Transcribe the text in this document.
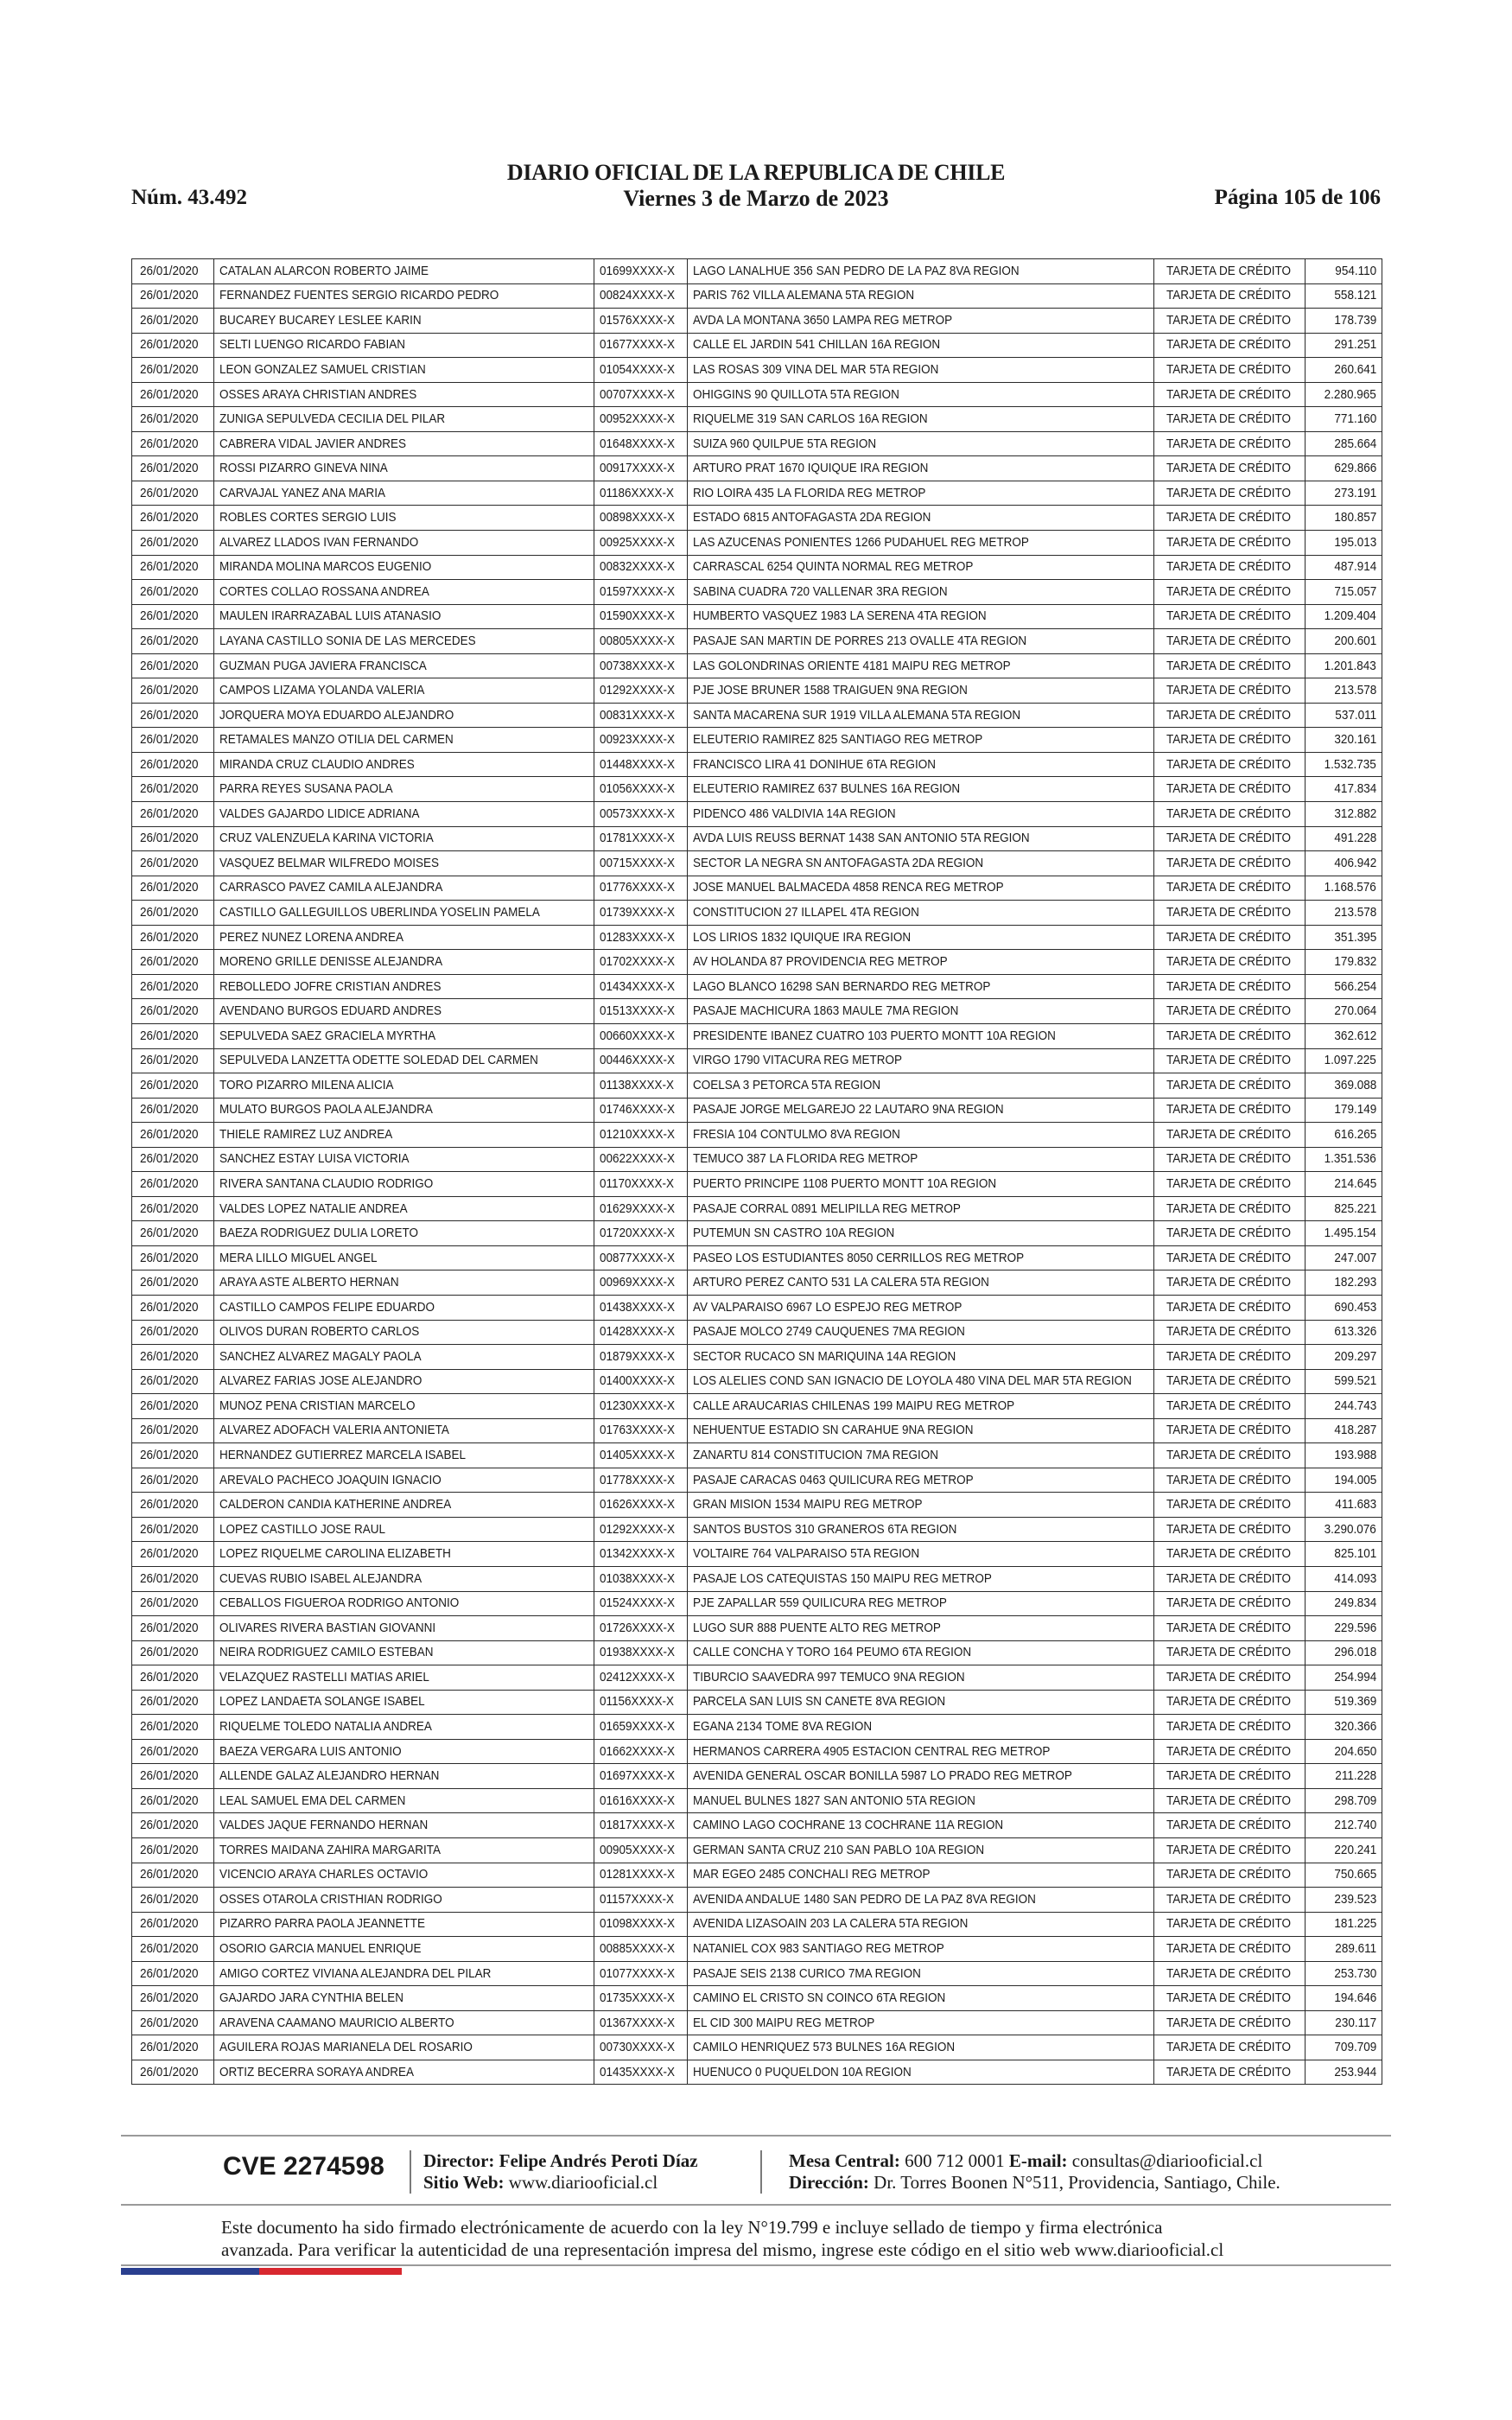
Núm. 43.492
DIARIO OFICIAL DE LA REPUBLICA DE CHILE
Viernes 3 de Marzo de 2023	Página 105 de 106
26/01/2020	CATALAN ALARCON ROBERTO JAIME	01699XXXX-X	LAGO LANALHUE 356 SAN PEDRO DE LA PAZ 8VA REGION	TARJETA DE CRÉDITO	954.110
26/01/2020	FERNANDEZ FUENTES SERGIO RICARDO PEDRO	00824XXXX-X	PARIS 762 VILLA ALEMANA 5TA REGION	TARJETA DE CRÉDITO	558.121
26/01/2020	BUCAREY BUCAREY LESLEE KARIN	01576XXXX-X	AVDA LA MONTANA 3650 LAMPA REG METROP	TARJETA DE CRÉDITO	178.739
26/01/2020	SELTI LUENGO RICARDO FABIAN	01677XXXX-X	CALLE EL JARDIN 541 CHILLAN 16A REGION	TARJETA DE CRÉDITO	291.251
26/01/2020	LEON GONZALEZ SAMUEL CRISTIAN	01054XXXX-X	LAS ROSAS 309 VINA DEL MAR 5TA REGION	TARJETA DE CRÉDITO	260.641
26/01/2020	OSSES ARAYA CHRISTIAN ANDRES	00707XXXX-X	OHIGGINS 90 QUILLOTA 5TA REGION	TARJETA DE CRÉDITO	2.280.965
26/01/2020	ZUNIGA SEPULVEDA CECILIA DEL PILAR	00952XXXX-X	RIQUELME 319 SAN CARLOS 16A REGION	TARJETA DE CRÉDITO	771.160
26/01/2020	CABRERA VIDAL JAVIER ANDRES	01648XXXX-X	SUIZA 960 QUILPUE 5TA REGION	TARJETA DE CRÉDITO	285.664
26/01/2020	ROSSI PIZARRO GINEVA NINA	00917XXXX-X	ARTURO PRAT 1670 IQUIQUE IRA REGION	TARJETA DE CRÉDITO	629.866
26/01/2020	CARVAJAL YANEZ ANA MARIA	01186XXXX-X	RIO LOIRA 435 LA FLORIDA REG METROP	TARJETA DE CRÉDITO	273.191
26/01/2020	ROBLES CORTES SERGIO LUIS	00898XXXX-X	ESTADO 6815 ANTOFAGASTA 2DA REGION	TARJETA DE CRÉDITO	180.857
26/01/2020	ALVAREZ LLADOS IVAN FERNANDO	00925XXXX-X	LAS AZUCENAS PONIENTES 1266 PUDAHUEL REG METROP	TARJETA DE CRÉDITO	195.013
26/01/2020	MIRANDA MOLINA MARCOS EUGENIO	00832XXXX-X	CARRASCAL 6254 QUINTA NORMAL REG METROP	TARJETA DE CRÉDITO	487.914
26/01/2020	CORTES COLLAO ROSSANA ANDREA	01597XXXX-X	SABINA CUADRA 720 VALLENAR 3RA REGION	TARJETA DE CRÉDITO	715.057
26/01/2020	MAULEN IRARRAZABAL LUIS ATANASIO	01590XXXX-X	HUMBERTO VASQUEZ 1983 LA SERENA 4TA REGION	TARJETA DE CRÉDITO	1.209.404
26/01/2020	LAYANA CASTILLO SONIA DE LAS MERCEDES	00805XXXX-X	PASAJE SAN MARTIN DE PORRES 213 OVALLE 4TA REGION	TARJETA DE CRÉDITO	200.601
26/01/2020	GUZMAN PUGA JAVIERA FRANCISCA	00738XXXX-X	LAS GOLONDRINAS ORIENTE 4181 MAIPU REG METROP	TARJETA DE CRÉDITO	1.201.843
26/01/2020	CAMPOS LIZAMA YOLANDA VALERIA	01292XXXX-X	PJE JOSE BRUNER 1588 TRAIGUEN 9NA REGION	TARJETA DE CRÉDITO	213.578
26/01/2020	JORQUERA MOYA EDUARDO ALEJANDRO	00831XXXX-X	SANTA MACARENA SUR 1919 VILLA ALEMANA 5TA REGION	TARJETA DE CRÉDITO	537.011
26/01/2020	RETAMALES MANZO OTILIA DEL CARMEN	00923XXXX-X	ELEUTERIO RAMIREZ 825 SANTIAGO REG METROP	TARJETA DE CRÉDITO	320.161
26/01/2020	MIRANDA CRUZ CLAUDIO ANDRES	01448XXXX-X	FRANCISCO LIRA 41 DONIHUE 6TA REGION	TARJETA DE CRÉDITO	1.532.735
26/01/2020	PARRA REYES SUSANA PAOLA	01056XXXX-X	ELEUTERIO RAMIREZ 637 BULNES 16A REGION	TARJETA DE CRÉDITO	417.834
26/01/2020	VALDES GAJARDO LIDICE ADRIANA	00573XXXX-X	PIDENCO 486 VALDIVIA 14A REGION	TARJETA DE CRÉDITO	312.882
26/01/2020	CRUZ VALENZUELA KARINA VICTORIA	01781XXXX-X	AVDA LUIS REUSS BERNAT 1438 SAN ANTONIO 5TA REGION	TARJETA DE CRÉDITO	491.228
26/01/2020	VASQUEZ BELMAR WILFREDO MOISES	00715XXXX-X	SECTOR LA NEGRA SN ANTOFAGASTA 2DA REGION	TARJETA DE CRÉDITO	406.942
26/01/2020	CARRASCO PAVEZ CAMILA ALEJANDRA	01776XXXX-X	JOSE MANUEL BALMACEDA 4858 RENCA REG METROP	TARJETA DE CRÉDITO	1.168.576
26/01/2020	CASTILLO GALLEGUILLOS UBERLINDA YOSELIN PAMELA	01739XXXX-X	CONSTITUCION 27 ILLAPEL 4TA REGION	TARJETA DE CRÉDITO	213.578
26/01/2020	PEREZ NUNEZ LORENA ANDREA	01283XXXX-X	LOS LIRIOS 1832 IQUIQUE IRA REGION	TARJETA DE CRÉDITO	351.395
26/01/2020	MORENO GRILLE DENISSE ALEJANDRA	01702XXXX-X	AV HOLANDA 87 PROVIDENCIA REG METROP	TARJETA DE CRÉDITO	179.832
26/01/2020	REBOLLEDO JOFRE CRISTIAN ANDRES	01434XXXX-X	LAGO BLANCO 16298 SAN BERNARDO REG METROP	TARJETA DE CRÉDITO	566.254
26/01/2020	AVENDANO BURGOS EDUARD ANDRES	01513XXXX-X	PASAJE MACHICURA 1863 MAULE 7MA REGION	TARJETA DE CRÉDITO	270.064
26/01/2020	SEPULVEDA SAEZ GRACIELA MYRTHA	00660XXXX-X	PRESIDENTE IBANEZ CUATRO 103 PUERTO MONTT 10A REGION	TARJETA DE CRÉDITO	362.612
26/01/2020	SEPULVEDA LANZETTA ODETTE SOLEDAD DEL CARMEN	00446XXXX-X	VIRGO 1790 VITACURA REG METROP	TARJETA DE CRÉDITO	1.097.225
26/01/2020	TORO PIZARRO MILENA ALICIA	01138XXXX-X	COELSA 3 PETORCA 5TA REGION	TARJETA DE CRÉDITO	369.088
26/01/2020	MULATO BURGOS PAOLA ALEJANDRA	01746XXXX-X	PASAJE JORGE MELGAREJO 22 LAUTARO 9NA REGION	TARJETA DE CRÉDITO	179.149
26/01/2020	THIELE RAMIREZ LUZ ANDREA	01210XXXX-X	FRESIA 104 CONTULMO 8VA REGION	TARJETA DE CRÉDITO	616.265
26/01/2020	SANCHEZ ESTAY LUISA VICTORIA	00622XXXX-X	TEMUCO 387 LA FLORIDA REG METROP	TARJETA DE CRÉDITO	1.351.536
26/01/2020	RIVERA SANTANA CLAUDIO RODRIGO	01170XXXX-X	PUERTO PRINCIPE 1108 PUERTO MONTT 10A REGION	TARJETA DE CRÉDITO	214.645
26/01/2020	VALDES LOPEZ NATALIE ANDREA	01629XXXX-X	PASAJE CORRAL 0891 MELIPILLA REG METROP	TARJETA DE CRÉDITO	825.221
26/01/2020	BAEZA RODRIGUEZ DULIA LORETO	01720XXXX-X	PUTEMUN SN CASTRO 10A REGION	TARJETA DE CRÉDITO	1.495.154
26/01/2020	MERA LILLO MIGUEL ANGEL	00877XXXX-X	PASEO LOS ESTUDIANTES 8050 CERRILLOS REG METROP	TARJETA DE CRÉDITO	247.007
26/01/2020	ARAYA ASTE ALBERTO HERNAN	00969XXXX-X	ARTURO PEREZ CANTO 531 LA CALERA 5TA REGION	TARJETA DE CRÉDITO	182.293
26/01/2020	CASTILLO CAMPOS FELIPE EDUARDO	01438XXXX-X	AV VALPARAISO 6967 LO ESPEJO REG METROP	TARJETA DE CRÉDITO	690.453
26/01/2020	OLIVOS DURAN ROBERTO CARLOS	01428XXXX-X	PASAJE MOLCO 2749 CAUQUENES 7MA REGION	TARJETA DE CRÉDITO	613.326
26/01/2020	SANCHEZ ALVAREZ MAGALY PAOLA	01879XXXX-X	SECTOR RUCACO SN MARIQUINA 14A REGION	TARJETA DE CRÉDITO	209.297
26/01/2020	ALVAREZ FARIAS JOSE ALEJANDRO	01400XXXX-X	LOS ALELIES COND SAN IGNACIO DE LOYOLA 480 VINA DEL MAR 5TA REGION	TARJETA DE CRÉDITO	599.521
26/01/2020	MUNOZ PENA CRISTIAN MARCELO	01230XXXX-X	CALLE ARAUCARIAS CHILENAS 199 MAIPU REG METROP	TARJETA DE CRÉDITO	244.743
26/01/2020	ALVAREZ ADOFACH VALERIA ANTONIETA	01763XXXX-X	NEHUENTUE ESTADIO SN CARAHUE 9NA REGION	TARJETA DE CRÉDITO	418.287
26/01/2020	HERNANDEZ GUTIERREZ MARCELA ISABEL	01405XXXX-X	ZANARTU 814 CONSTITUCION 7MA REGION	TARJETA DE CRÉDITO	193.988
26/01/2020	AREVALO PACHECO JOAQUIN IGNACIO	01778XXXX-X	PASAJE CARACAS 0463 QUILICURA REG METROP	TARJETA DE CRÉDITO	194.005
26/01/2020	CALDERON CANDIA KATHERINE ANDREA	01626XXXX-X	GRAN MISION 1534 MAIPU REG METROP	TARJETA DE CRÉDITO	411.683
26/01/2020	LOPEZ CASTILLO JOSE RAUL	01292XXXX-X	SANTOS BUSTOS 310 GRANEROS 6TA REGION	TARJETA DE CRÉDITO	3.290.076
26/01/2020	LOPEZ RIQUELME CAROLINA ELIZABETH	01342XXXX-X	VOLTAIRE 764 VALPARAISO 5TA REGION	TARJETA DE CRÉDITO	825.101
26/01/2020	CUEVAS RUBIO ISABEL ALEJANDRA	01038XXXX-X	PASAJE LOS CATEQUISTAS 150 MAIPU REG METROP	TARJETA DE CRÉDITO	414.093
26/01/2020	CEBALLOS FIGUEROA RODRIGO ANTONIO	01524XXXX-X	PJE ZAPALLAR 559 QUILICURA REG METROP	TARJETA DE CRÉDITO	249.834
26/01/2020	OLIVARES RIVERA BASTIAN GIOVANNI	01726XXXX-X	LUGO SUR 888 PUENTE ALTO REG METROP	TARJETA DE CRÉDITO	229.596
26/01/2020	NEIRA RODRIGUEZ CAMILO ESTEBAN	01938XXXX-X	CALLE CONCHA Y TORO 164 PEUMO 6TA REGION	TARJETA DE CRÉDITO	296.018
26/01/2020	VELAZQUEZ RASTELLI MATIAS ARIEL	02412XXXX-X	TIBURCIO SAAVEDRA 997 TEMUCO 9NA REGION	TARJETA DE CRÉDITO	254.994
26/01/2020	LOPEZ LANDAETA SOLANGE ISABEL	01156XXXX-X	PARCELA SAN LUIS SN CANETE 8VA REGION	TARJETA DE CRÉDITO	519.369
26/01/2020	RIQUELME TOLEDO NATALIA ANDREA	01659XXXX-X	EGANA 2134 TOME 8VA REGION	TARJETA DE CRÉDITO	320.366
26/01/2020	BAEZA VERGARA LUIS ANTONIO	01662XXXX-X	HERMANOS CARRERA 4905 ESTACION CENTRAL REG METROP	TARJETA DE CRÉDITO	204.650
26/01/2020	ALLENDE GALAZ ALEJANDRO HERNAN	01697XXXX-X	AVENIDA GENERAL OSCAR BONILLA 5987 LO PRADO REG METROP	TARJETA DE CRÉDITO	211.228
26/01/2020	LEAL SAMUEL EMA DEL CARMEN	01616XXXX-X	MANUEL BULNES 1827 SAN ANTONIO 5TA REGION	TARJETA DE CRÉDITO	298.709
26/01/2020	VALDES JAQUE FERNANDO HERNAN	01817XXXX-X	CAMINO LAGO COCHRANE 13 COCHRANE 11A REGION	TARJETA DE CRÉDITO	212.740
26/01/2020	TORRES MAIDANA ZAHIRA MARGARITA	00905XXXX-X	GERMAN SANTA CRUZ 210 SAN PABLO 10A REGION	TARJETA DE CRÉDITO	220.241
26/01/2020	VICENCIO ARAYA CHARLES OCTAVIO	01281XXXX-X	MAR EGEO 2485 CONCHALI REG METROP	TARJETA DE CRÉDITO	750.665
26/01/2020	OSSES OTAROLA CRISTHIAN RODRIGO	01157XXXX-X	AVENIDA ANDALUE 1480 SAN PEDRO DE LA PAZ 8VA REGION	TARJETA DE CRÉDITO	239.523
26/01/2020	PIZARRO PARRA PAOLA JEANNETTE	01098XXXX-X	AVENIDA LIZASOAIN 203 LA CALERA 5TA REGION	TARJETA DE CRÉDITO	181.225
26/01/2020	OSORIO GARCIA MANUEL ENRIQUE	00885XXXX-X	NATANIEL COX 983 SANTIAGO REG METROP	TARJETA DE CRÉDITO	289.611
26/01/2020	AMIGO CORTEZ VIVIANA ALEJANDRA DEL PILAR	01077XXXX-X	PASAJE SEIS 2138 CURICO 7MA REGION	TARJETA DE CRÉDITO	253.730
26/01/2020	GAJARDO JARA CYNTHIA BELEN	01735XXXX-X	CAMINO EL CRISTO SN COINCO 6TA REGION	TARJETA DE CRÉDITO	194.646
26/01/2020	ARAVENA CAAMANO MAURICIO ALBERTO	01367XXXX-X	EL CID 300 MAIPU REG METROP	TARJETA DE CRÉDITO	230.117
26/01/2020	AGUILERA ROJAS MARIANELA DEL ROSARIO	00730XXXX-X	CAMILO HENRIQUEZ 573 BULNES 16A REGION	TARJETA DE CRÉDITO	709.709
26/01/2020	ORTIZ BECERRA SORAYA ANDREA	01435XXXX-X	HUENUCO 0 PUQUELDON 10A REGION	TARJETA DE CRÉDITO	253.944
CVE 2274598 Director: Felipe Andrés Peroti Díaz
Sitio Web: www.diariooficial.cl
Mesa Central: 600 712 0001 E-mail: consultas@diariooficial.cl
Dirección: Dr. Torres Boonen N°511, Providencia, Santiago, Chile.
Este documento ha sido firmado electrónicamente de acuerdo con la ley N°19.799 e incluye sellado de tiempo y firma electrónica
avanzada. Para verificar la autenticidad de una representación impresa del mismo, ingrese este código en el sitio web www.diariooficial.cl
